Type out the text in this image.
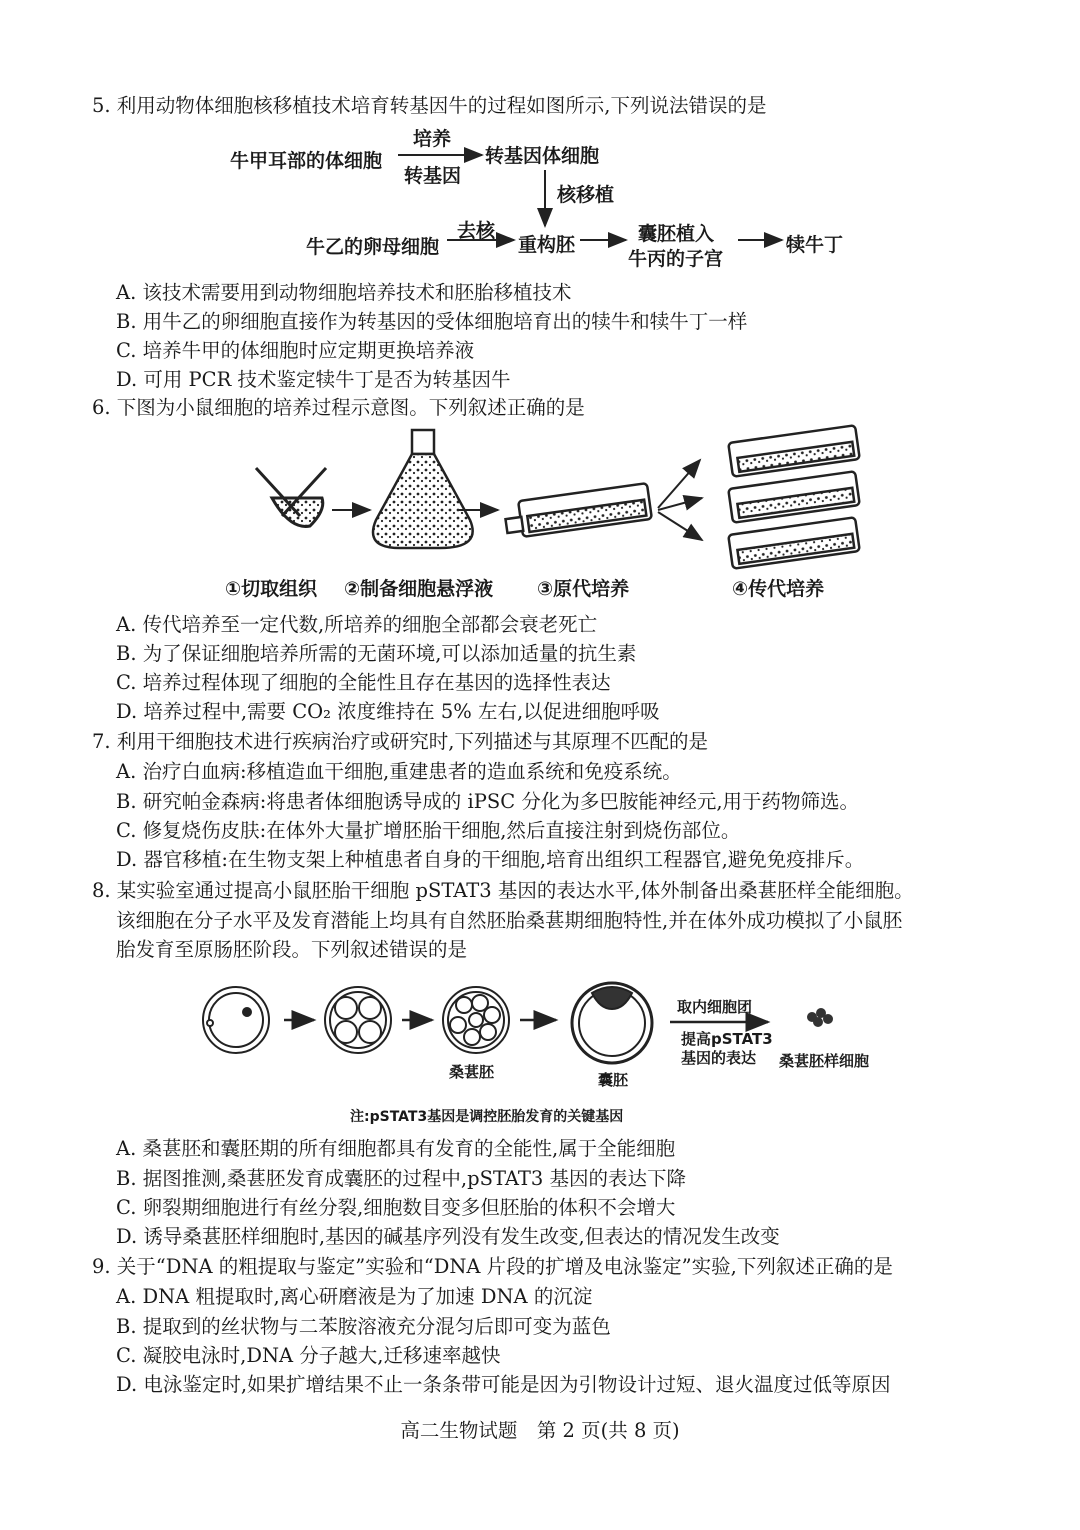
5. 利用动物体细胞核移植技术培育转基因牛的过程如图所示,下列说法错误的是
牛甲耳部的体细胞
培养
转基因
转基因体细胞
核移植
牛乙的卵母细胞
去核
重构胚	囊胚植入
牛丙的子宫
犊牛丁
A. 该技术需要用到动物细胞培养技术和胚胎移植技术
B. 用牛乙的卵细胞直接作为转基因的受体细胞培育出的犊牛和犊牛丁一样
C. 培养牛甲的体细胞时应定期更换培养液
D. 可用 PCR 技术鉴定犊牛丁是否为转基因牛
6. 下图为小鼠细胞的培养过程示意图。下列叙述正确的是
①切取组织 ②制备细胞悬浮液 ③原代培养	④传代培养
A. 传代培养至一定代数,所培养的细胞全部都会衰老死亡
B. 为了保证细胞培养所需的无菌环境,可以添加适量的抗生素
C. 培养过程体现了细胞的全能性且存在基因的选择性表达
D. 培养过程中,需要 CO₂ 浓度维持在 5% 左右,以促进细胞呼吸
7. 利用干细胞技术进行疾病治疗或研究时,下列描述与其原理不匹配的是
A. 治疗白血病:移植造血干细胞,重建患者的造血系统和免疫系统。
B. 研究帕金森病:将患者体细胞诱导成的 iPSC 分化为多巴胺能神经元,用于药物筛选。
C. 修复烧伤皮肤:在体外大量扩增胚胎干细胞,然后直接注射到烧伤部位。
D. 器官移植:在生物支架上种植患者自身的干细胞,培育出组织工程器官,避免免疫排斥。
8. 某实验室通过提高小鼠胚胎干细胞 pSTAT3 基因的表达水平,体外制备出桑葚胚样全能细胞。
该细胞在分子水平及发育潜能上均具有自然胚胎桑葚期细胞特性,并在体外成功模拟了小鼠胚
胎发育至原肠胚阶段。下列叙述错误的是
取内细胞团
提高pSTAT3
基因的表达
桑葚胚	囊胚
桑葚胚样细胞
注:pSTAT3基因是调控胚胎发育的关键基因
A. 桑葚胚和囊胚期的所有细胞都具有发育的全能性,属于全能细胞
B. 据图推测,桑葚胚发育成囊胚的过程中,pSTAT3 基因的表达下降
C. 卵裂期细胞进行有丝分裂,细胞数目变多但胚胎的体积不会增大
D. 诱导桑葚胚样细胞时,基因的碱基序列没有发生改变,但表达的情况发生改变
9. 关于“DNA 的粗提取与鉴定”实验和“DNA 片段的扩增及电泳鉴定”实验,下列叙述正确的是
A. DNA 粗提取时,离心研磨液是为了加速 DNA 的沉淀
B. 提取到的丝状物与二苯胺溶液充分混匀后即可变为蓝色
C. 凝胶电泳时,DNA 分子越大,迁移速率越快
D. 电泳鉴定时,如果扩增结果不止一条条带可能是因为引物设计过短、退火温度过低等原因
高二生物试题　第 2 页(共 8 页)
